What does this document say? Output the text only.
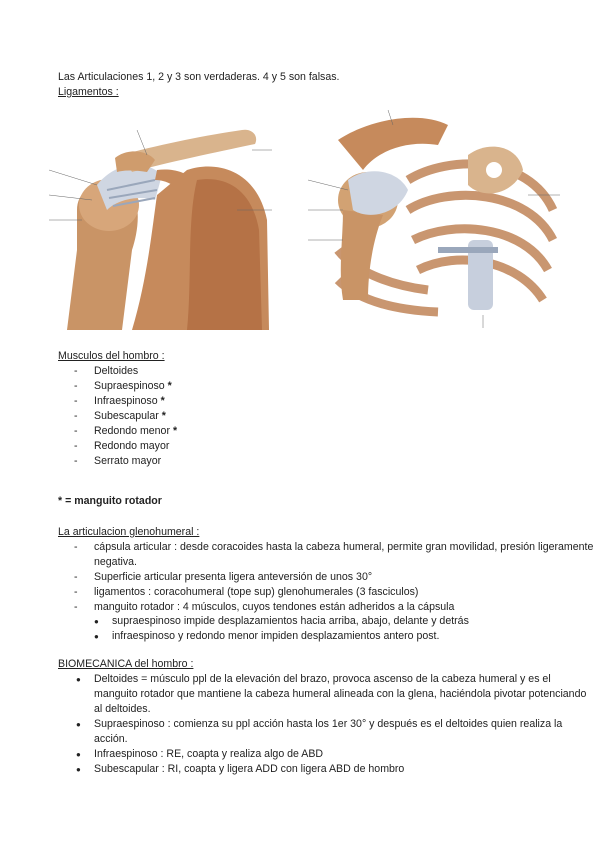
Las Articulaciones 1, 2 y 3 son verdaderas. 4 y 5 son falsas.
Ligamentos :
Musculos del hombro :
- Deltoides
- Supraespinoso *
- Infraespinoso *
- Subescapular *
- Redondo menor *
- Redondo mayor
- Serrato mayor
* = manguito rotador
La articulacion glenohumeral :
- cápsula articular : desde coracoides hasta la cabeza humeral, permite gran movilidad, presión ligeramente negativa.
- Superficie articular presenta ligera anteversión de unos 30°
- ligamentos : coracohumeral (tope sup) glenohumerales (3 fasciculos)
- manguito rotador : 4 músculos, cuyos tendones están adheridos a la cápsula
● supraespinoso impide desplazamientos hacia arriba, abajo, delante y detrás
● infraespinoso y redondo menor impiden desplazamientos antero post.
BIOMECANICA del hombro :
● Deltoides = músculo ppl de la elevación del brazo, provoca ascenso de la cabeza humeral y es el manguito rotador que mantiene la cabeza humeral alineada con la glena, haciéndola pivotar potenciando al deltoides.
● Supraespinoso : comienza su ppl acción hasta los 1er 30° y después es el deltoides quien realiza la acción.
● Infraespinoso : RE, coapta y realiza algo de ABD
● Subescapular : RI, coapta y ligera ADD con ligera ABD de hombro
